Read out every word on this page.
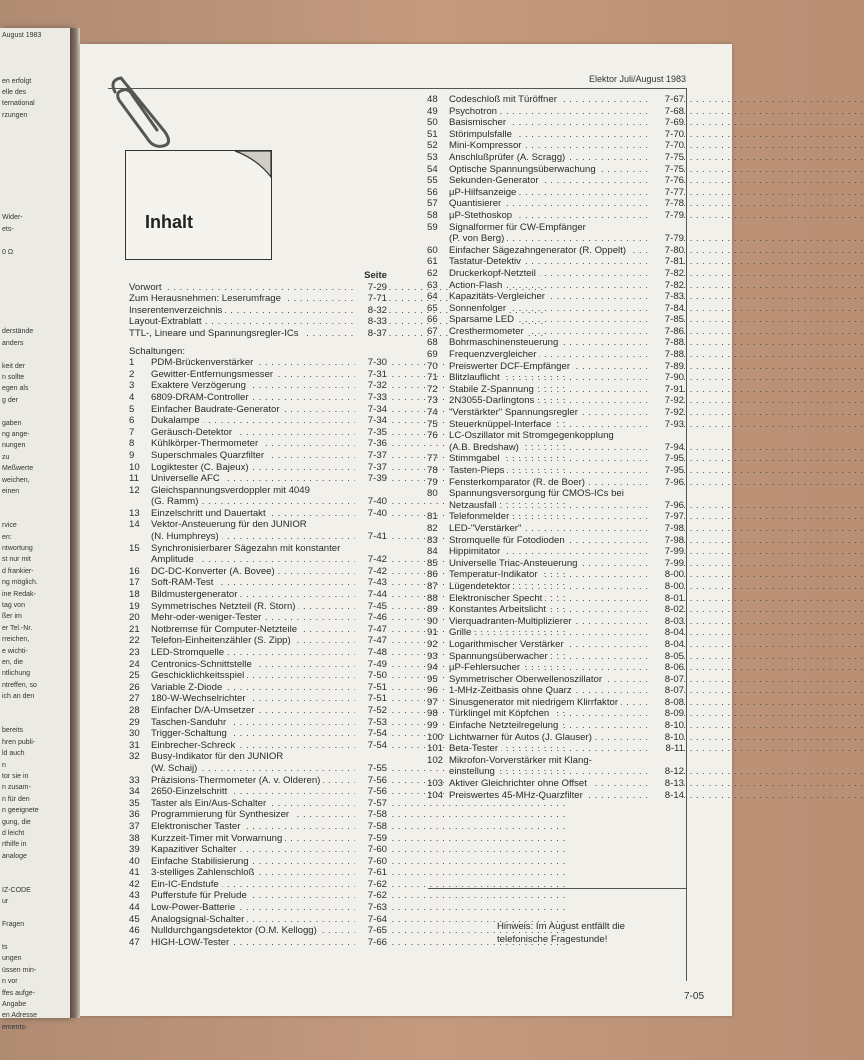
August 1983
en erfolgt
elle des
ternational
rzungen
Wider-
ets-
0 Ω
derstände
anders
keit der
n sollte
egen als
g der
gaben
ng ange-
nungen
zu
Meßwerte
weichen,
einen
rvice
en:
ntwortung
st nur mit
d frankier-
ng möglich.
ine Redak-
tag von
ßer im
er Tel.-Nr.
rreichen,
e wichti-
en, die
ntlichung
ntreffen, so
ich an den
bereits
hren publi-
ld auch
n
tor sie in
n zusam-
n für den
n geeignete
gung, die
d leicht
rthilfe in
analoge
IZ-CODE
ur
Fragen
ts
ungen
üssen min-
n vor
ffes aufge-
Angabe
en Adresse
ements-
Elektor Juli/August 1983
7-05
Inhalt
Seite
Vorwort . . .	7-29
Zum Herausnehmen: Leserumfrage . . .	7-71
Inserentenverzeichnis . . .	8-32
Layout-Extrablatt . . .	8-33
TTL-, Lineare und Spannungsregler-ICs . . .	8-37
Schaltungen:
1	PDM-Brückenverstärker . . .	7-30
2	Gewitter-Entfernungsmesser . . .	7-31
3	Exaktere Verzögerung . . .	7-32
4	6809-DRAM-Controller . . .	7-33
5	Einfacher Baudrate-Generator . . .	7-34
6	Dukalampe . . .	7-34
7	Geräusch-Detektor . . .	7-35
8	Kühlkörper-Thermometer . . .	7-36
9	Superschmales Quarzfilter . . .	7-37
10	Logiktester (C. Bajeux) . . .	7-37
11	Universelle AFC . . .	7-39
12	Gleichspannungsverdoppler mit 4049
(G. Ramm) . . .	7-40
13	Einzelschritt und Dauertakt . . .	7-40
14	Vektor-Ansteuerung für den JUNIOR
(N. Humphreys) . . .	7-41
15	Synchronisierbarer Sägezahn mit konstanter
Amplitude . . .	7-42
16	DC-DC-Konverter (A. Bovee) . . .	7-42
17	Soft-RAM-Test . . .	7-43
18	Bildmustergenerator . . .	7-44
19	Symmetrisches Netzteil (R. Storn) . . .	7-45
20	Mehr-oder-weniger-Tester . . .	7-46
21	Notbremse für Computer-Netzteile . . .	7-47
22	Telefon-Einheitenzähler (S. Zipp) . . .	7-47
23	LED-Stromquelle . . .	7-48
24	Centronics-Schnittstelle . . .	7-49
25	Geschicklichkeitsspiel . . .	7-50
26	Variable Z-Diode . . .	7-51
27	180-W-Wechselrichter . . .	7-51
28	Einfacher D/A-Umsetzer . . .	7-52
29	Taschen-Sanduhr . . .	7-53
30	Trigger-Schaltung . . .	7-54
31	Einbrecher-Schreck . . .	7-54
32	Busy-Indikator für den JUNIOR
(W. Schaij) . . .	7-55
33	Präzisions-Thermometer (A. v. Olderen) . . .	7-56
34	2650-Einzelschritt . . .	7-56
35	Taster als Ein/Aus-Schalter . . .	7-57
36	Programmierung für Synthesizer . . .	7-58
37	Elektronischer Taster . . .	7-58
38	Kurzzeit-Timer mit Vorwarnung . . .	7-59
39	Kapazitiver Schalter . . .	7-60
40	Einfache Stabilisierung . . .	7-60
41	3-stelliges Zahlenschloß . . .	7-61
42	Ein-IC-Endstufe . . .	7-62
43	Pufferstufe für Prelude . . .	7-62
44	Low-Power-Batterie . . .	7-63
45	Analogsignal-Schalter . . .	7-64
46	Nulldurchgangsdetektor (O.M. Kellogg) . . .	7-65
47	HIGH-LOW-Tester . . .	7-66
48	Codeschloß mit Türöffner . . .	7-67
49	Psychotron . . .	7-68
50	Basismischer . . .	7-69
51	Störimpulsfalle . . .	7-70
52	Mini-Kompressor . . .	7-70
53	Anschlußprüfer (A. Scragg) . . .	7-75
54	Optische Spannungsüberwachung . . .	7-75
55	Sekunden-Generator . . .	7-76
56	µP-Hilfsanzeige . . .	7-77
57	Quantisierer . . .	7-78
58	µP-Stethoskop . . .	7-79
59	Signalformer für CW-Empfänger
(P. von Berg) . . .	7-79
60	Einfacher Sägezahngenerator (R. Oppelt) . . .	7-80
61	Tastatur-Detektiv . . .	7-81
62	Druckerkopf-Netzteil . . .	7-82
63	Action-Flash . . .	7-82
64	Kapazitäts-Vergleicher . . .	7-83
65	Sonnenfolger . . .	7-84
66	Sparsame LED . . .	7-85
67	Cresthermometer . . .	7-86
68	Bohrmaschinensteuerung . . .	7-88
69	Frequenzvergleicher . . .	7-88
70	Preiswerter DCF-Empfänger . . .	7-89
71	Blitzlauflicht . . .	7-90
72	Stabile Z-Spannung . . .	7-91
73	2N3055-Darlingtons . . .	7-92
74	"Verstärkter" Spannungsregler . . .	7-92
75	Steuerknüppel-Interface . . .	7-93
76	LC-Oszillator mit Stromgegenkopplung
(A.B. Bredshaw) . . .	7-94
77	Stimmgabel . . .	7-95
78	Tasten-Pieps . . .	7-95
79	Fensterkomparator (R. de Boer) . . .	7-96
80	Spannungsversorgung für CMOS-ICs bei
Netzausfall . . .	7-96
81	Telefonmelder . . .	7-97
82	LED-"Verstärker" . . .	7-98
83	Stromquelle für Fotodioden . . .	7-98
84	Hippimitator . . .	7-99
85	Universelle Triac-Ansteuerung . . .	7-99
86	Temperatur-Indikator . . .	8-00
87	Lügendetektor . . .	8-00
88	Elektronischer Specht . . .	8-01
89	Konstantes Arbeitslicht . . .	8-02
90	Vierquadranten-Multiplizierer . . .	8-03
91	Grille . . .	8-04
92	Logarithmischer Verstärker . . .	8-04
93	Spannungsüberwacher . . .	8-05
94	µP-Fehlersucher . . .	8-06
95	Symmetrischer Oberwellenoszillator . . .	8-07
96	1-MHz-Zeitbasis ohne Quarz . . .	8-07
97	Sinusgenerator mit niedrigem Klirrfaktor . . .	8-08
98	Türklingel mit Köpfchen . . .	8-09
99	Einfache Netzteilregelung . . .	8-10
100 Lichtwarner für Autos (J. Glauser) . . .	8-10
101 Beta-Tester . . .	8-11
102 Mikrofon-Vorverstärker mit Klang-
einstellung . . .	8-12
103 Aktiver Gleichrichter ohne Offset . . .	8-13
104 Preiswertes 45-MHz-Quarzfilter . . .	8-14
Hinweis: Im August entfällt die telefonische Fragestunde!
